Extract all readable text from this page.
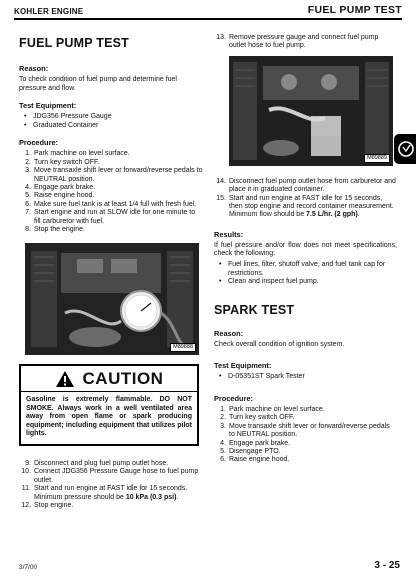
KOHLER ENGINE	FUEL PUMP TEST
FUEL PUMP TEST
Reason:

To check condition of fuel pump and determine fuel pressure and flow.

Test Equipment:
• JDG356 Pressure Gauge
• Graduated Container
Procedure:
1. Park machine on level surface.
2. Turn key switch OFF.
3. Move transaxle shift lever or forward/reverse pedals to NEUTRAL position.
4. Engage park brake.
5. Raise engine hood.
6. Make sure fuel tank is at least 1/4 full with fresh fuel.
7. Start engine and run at SLOW idle for one minute to fill carburetor with fuel.
8. Stop the engine.
M89888
CAUTION
Gasoline is extremely flammable. DO NOT SMOKE. Always work in a well ventilated area away from open flame or spark producing equipment; including equipment that utilizes pilot lights.
9. Disconnect and plug fuel pump outlet hose.
10. Connect JDG356 Pressure Gauge hose to fuel pump outlet.
11. Start and run engine at FAST idle for 15 seconds. Minimum pressure should be 10 kPa (0.3 psi).
12. Stop engine.
13. Remove pressure gauge and connect fuel pump outlet hose to fuel pump.
M89889
14. Disconnect fuel pump outlet hose from carburetor and place it in graduated container.
15. Start and run engine at FAST idle for 15 seconds, then stop engine and record container measurement. Minimum flow should be 7.5 L/hr. (2 gph).
Results:

If fuel pressure and/or flow does not meet specifications, check the following:

• Fuel lines, filter, shutoff valve, and fuel tank cap for restrictions.
• Clean and inspect fuel pump.
SPARK TEST
Reason:

Check overall condition of ignition system.

Test Equipment:
• D-05351ST Spark Tester
Procedure:
1. Park machine on level surface.
2. Turn key switch OFF.
3. Move transaxle shift lever or forward/reverse pedals to NEUTRAL position.
4. Engage park brake.
5. Disengage PTO.
6. Raise engine hood.
3/7/00	3 - 25
